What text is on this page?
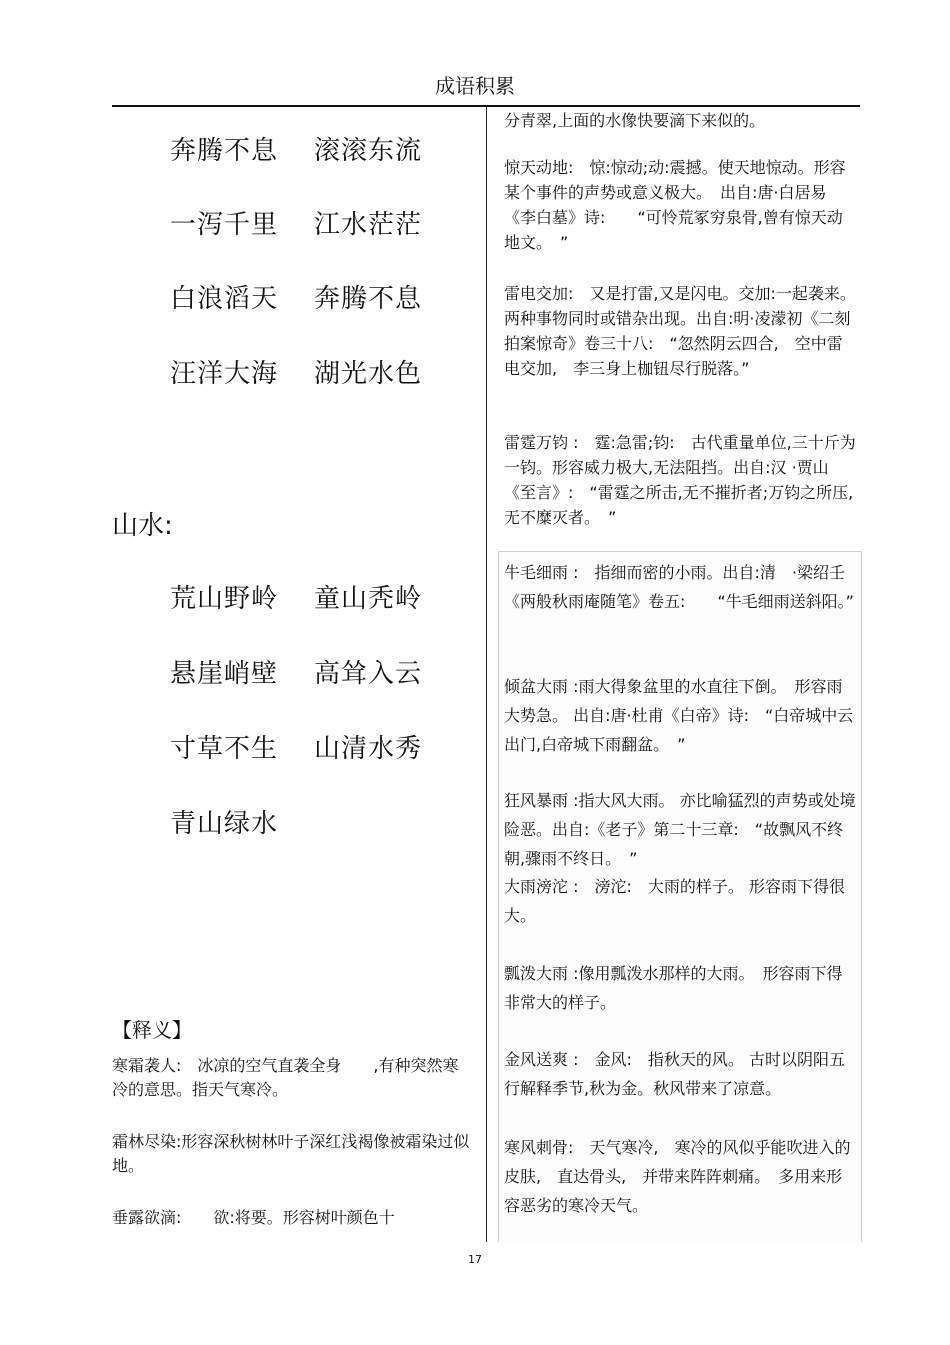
成语积累
奔腾不息 滚滚东流
一泻千里 江水茫茫
白浪滔天 奔腾不息
汪洋大海 湖光水色
山水:
荒山野岭 童山秃岭
悬崖峭壁 高耸入云
寸草不生 山清水秀
青山绿水
【释义】
寒霜袭人:　冰凉的空气直袭全身　　,有种突然寒冷的意思。指天气寒冷。
霜林尽染:形容深秋树林叶子深红浅褐像被霜染过似地。
垂露欲滴:　　欲:将要。形容树叶颜色十
分青翠,上面的水像快要滴下来似的。
惊天动地:　惊:惊动;动:震撼。使天地惊动。形容某个事件的声势或意义极大。　出自:唐·白居易《李白墓》诗:　　“可怜荒冢穷泉骨,曾有惊天动地文。　”
雷电交加:　又是打雷,又是闪电。交加:一起袭来。两种事物同时或错杂出现。出自:明·凌濛初《二刻拍案惊奇》卷三十八:　“忽然阴云四合,　空中雷电交加,　李三身上枷钮尽行脱落。”
雷霆万钧 :　霆:急雷;钧:　古代重量单位,三十斤为一钧。形容威力极大,无法阻挡。出自:汉 ·贾山《至言》:　“雷霆之所击,无不摧折者;万钧之所压,无不糜灭者。　”
牛毛细雨 :　指细而密的小雨。出自:清　·梁绍壬《两般秋雨庵随笔》卷五:　　“牛毛细雨送斜阳。”
倾盆大雨 :雨大得象盆里的水直往下倒。　形容雨大势急。 出自:唐·杜甫《白帝》诗:　“白帝城中云出门,白帝城下雨翻盆。　”
狂风暴雨 :指大风大雨。 亦比喻猛烈的声势或处境险恶。出自:《老子》第二十三章:　“故飘风不终朝,骤雨不终日。　”
大雨滂沱 :　滂沱:　大雨的样子。 形容雨下得很大。
瓢泼大雨 :像用瓢泼水那样的大雨。　形容雨下得非常大的样子。
金风送爽 :　金风:　指秋天的风。 古时以阴阳五行解释季节,秋为金。秋风带来了凉意。
寒风刺骨:　天气寒冷,　寒冷的风似乎能吹进入的皮肤,　直达骨头,　并带来阵阵刺痛。　多用来形容恶劣的寒冷天气。
17
